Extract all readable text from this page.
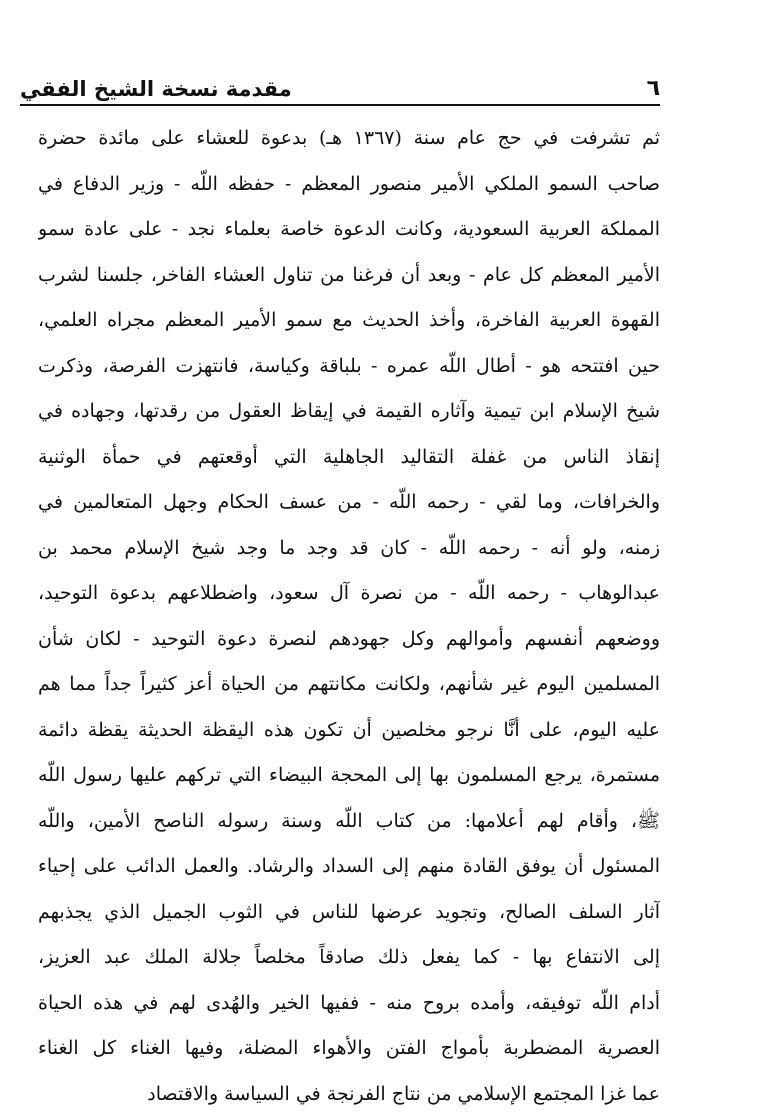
٦
مقدمة نسخة الشيخ الفقي
ثم تشرفت في حج عام سنة (١٣٦٧ هـ) بدعوة للعشاء على مائدة حضرة
صاحب السمو الملكي الأمير منصور المعظم - حفظه اللّه - وزير الدفاع في
المملكة العربية السعودية، وكانت الدعوة خاصة بعلماء نجد - على عادة سمو
الأمير المعظم كل عام - وبعد أن فرغنا من تناول العشاء الفاخر، جلسنا لشرب
القهوة العربية الفاخرة، وأخذ الحديث مع سمو الأمير المعظم مجراه العلمي،
حين افتتحه هو - أطال اللّه عمره - بلباقة وكياسة، فانتهزت الفرصة، وذكرت
شيخ الإسلام ابن تيمية وآثاره القيمة في إيقاظ العقول من رقدتها، وجهاده في
إنقاذ الناس من غفلة التقاليد الجاهلية التي أوقعتهم في حمأة الوثنية
والخرافات، وما لقي - رحمه اللّه - من عسف الحكام وجهل المتعالمين في
زمنه، ولو أنه - رحمه اللّه - كان قد وجد ما وجد شيخ الإسلام محمد بن
عبدالوهاب - رحمه اللّه - من نصرة آل سعود، واضطلاعهم بدعوة التوحيد،
ووضعهم أنفسهم وأموالهم وكل جهودهم لنصرة دعوة التوحيد - لكان شأن
المسلمين اليوم غير شأنهم، ولكانت مكانتهم من الحياة أعز كثيراً جداً مما هم
عليه اليوم، على أنَّا نرجو مخلصين أن تكون هذه اليقظة الحديثة يقظة دائمة
مستمرة، يرجع المسلمون بها إلى المحجة البيضاء التي تركهم عليها رسول اللّه
ﷺ، وأقام لهم أعلامها: من كتاب اللّه وسنة رسوله الناصح الأمين، واللّه
المسئول أن يوفق القادة منهم إلى السداد والرشاد. والعمل الدائب على إحياء
آثار السلف الصالح، وتجويد عرضها للناس في الثوب الجميل الذي يجذبهم
إلى الانتفاع بها - كما يفعل ذلك صادقاً مخلصاً جلالة الملك عبد العزيز،
أدام اللّه توفيقه، وأمده بروح منه - ففيها الخير والهُدى لهم في هذه الحياة
العصرية المضطربة بأمواج الفتن والأهواء المضلة، وفيها الغناء كل الغناء
عما غزا المجتمع الإسلامي من نتاج الفرنجة في السياسة والاقتصاد
